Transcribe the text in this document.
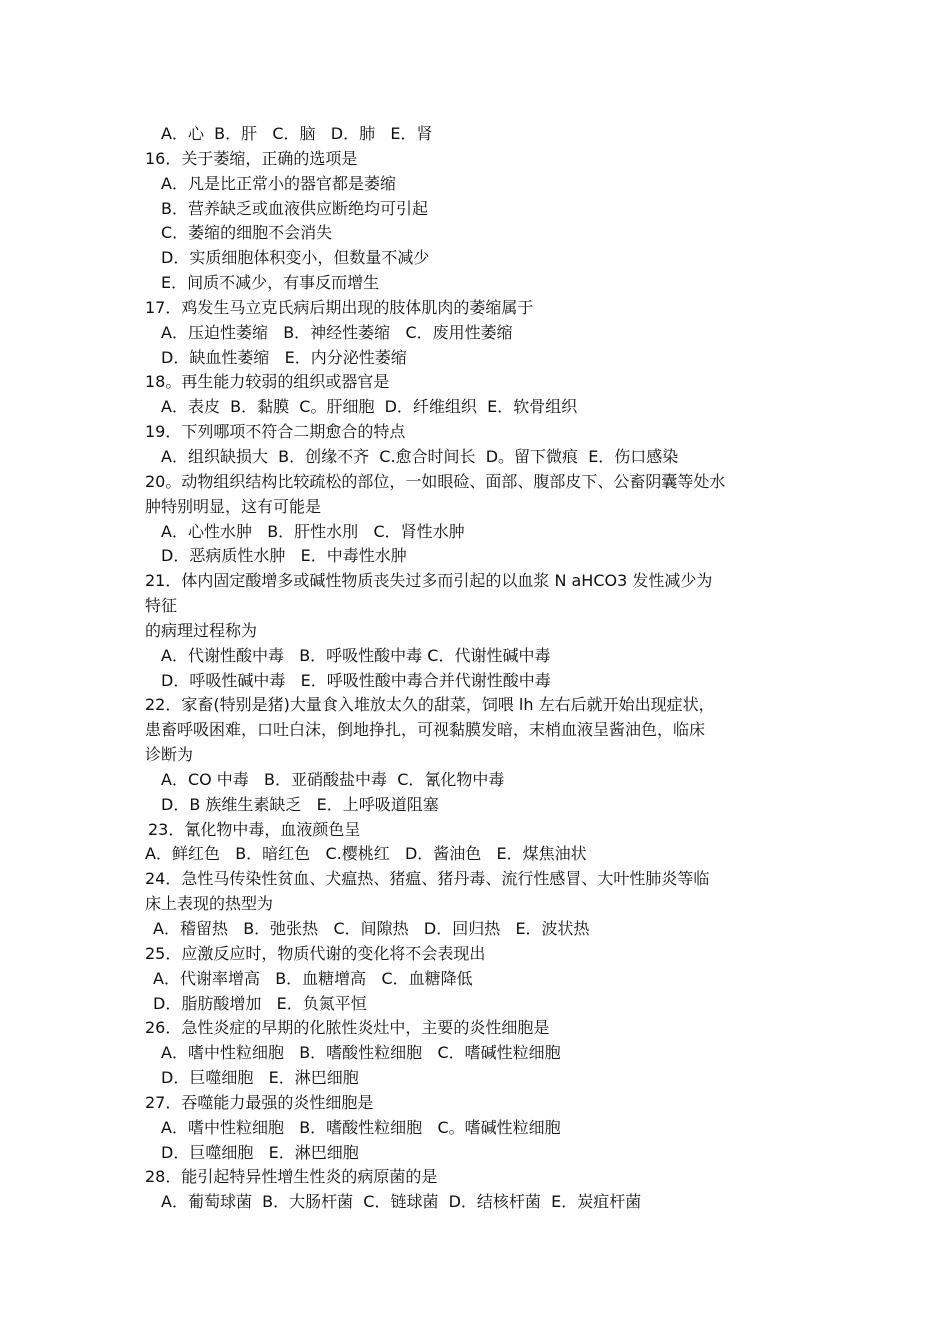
A．心  B．肝   C．脑   D．肺   E．肾
16．关于萎缩，正确的选项是
A．凡是比正常小的器官都是萎缩
B．营养缺乏或血液供应断绝均可引起
C．萎缩的细胞不会消失
D．实质细胞体积变小，但数量不减少
E．间质不减少，有事反而增生
17．鸡发生马立克氏病后期出现的肢体肌肉的萎缩属于
A．压迫性萎缩   B．神经性萎缩   C．废用性萎缩
D．缺血性萎缩   E．内分泌性萎缩
18。再生能力较弱的组织或器官是
A．表皮  B．黏膜  C。肝细胞  D．纤维组织  E．软骨组织
19．下列哪项不符合二期愈合的特点
A．组织缺损大  B．创缘不齐  C.愈合时间长  D。留下微痕  E．伤口感染
20。动物组织结构比较疏松的部位，一如眼硷、面部、腹部皮下、公畜阴囊等处水
肿特别明显，这有可能是
A．心性水肿   B．肝性水刖   C．肾性水肿
D．恶病质性水肿   E．中毒性水肿
21．体内固定酸增多或碱性物质丧失过多而引起的以血浆 N aHCO3 发性减少为
特征
的病理过程称为
A．代谢性酸中毒   B．呼吸性酸中毒 C．代谢性碱中毒
D．呼吸性碱中毒   E．呼吸性酸中毒合并代谢性酸中毒
22．家畜(特别是猪)大量食入堆放太久的甜菜，饲喂 lh 左右后就开始出现症状，
患畜呼吸困难，口吐白沫，倒地挣扎，可视黏膜发暗，末梢血液呈酱油色，临床
诊断为
A．CO 中毒   B．亚硝酸盐中毒  C．氰化物中毒
D．B 族维生素缺乏   E．上呼吸道阻塞
23．氰化物中毒，血液颜色呈
A．鲜红色   B．暗红色   C.樱桃红   D．酱油色   E．煤焦油状
24．急性马传染性贫血、犬瘟热、猪瘟、猪丹毒、流行性感冒、大叶性肺炎等临
床上表现的热型为
A．稽留热   B．弛张热   C．间隙热   D．回归热   E．波状热
25．应激反应时，物质代谢的变化将不会表现出
A．代谢率增高   B．血糖增高   C．血糖降低
D．脂肪酸增加   E．负氮平恒
26．急性炎症的早期的化脓性炎灶中，主要的炎性细胞是
A．嗜中性粒细胞   B．嗜酸性粒细胞   C．嗜碱性粒细胞
D．巨噬细胞   E．淋巴细胞
27．吞噬能力最强的炎性细胞是
A．嗜中性粒细胞   B．嗜酸性粒细胞   C。嗜碱性粒细胞
D．巨噬细胞   E．淋巴细胞
28．能引起特异性增生性炎的病原菌的是
A．葡萄球菌  B．大肠杆菌  C．链球菌  D．结核杆菌  E．炭疽杆菌
